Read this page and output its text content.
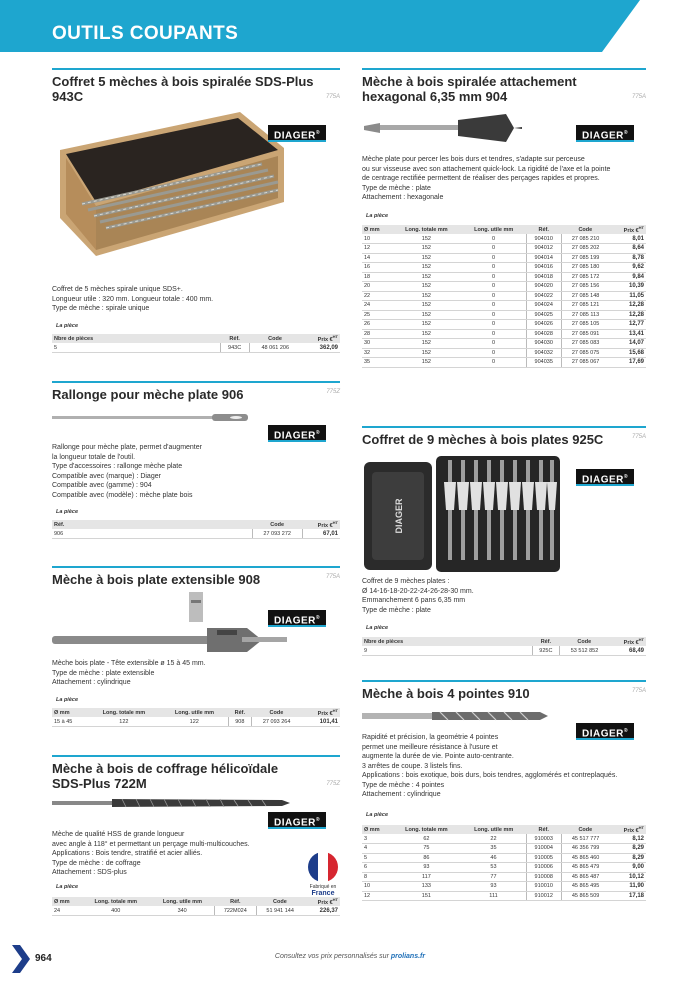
OUTILS COUPANTS
Coffret 5 mèches à bois spiralée SDS-Plus
943C	775A
DIAGER®
Coffret de 5 mèches spirale unique SDS+.
Longueur utile : 320 mm. Longueur totale : 400 mm.
Type de mèche : spirale unique
La pièce
Nbre de pièces	Réf.	Code	Prix €$^{HT}$
5	943C	48 061 206	362,09
Rallonge pour mèche plate 906	775Z
DIAGER®
Rallonge pour mèche plate, permet d'augmenter
la longueur totale de l'outil.
Type d'accessoires : rallonge mèche plate
Compatible avec (marque) : Diager
Compatible avec (gamme) : 904
Compatible avec (modèle) : mèche plate bois
La pièce
Réf.	Code	Prix €$^{HT}$
906	27 093 272	67,01
Mèche à bois plate extensible 908	775A
DIAGER®
Mèche bois plate - Tête extensible ø 15 à 45 mm.
Type de mèche : plate extensible
Attachement : cylindrique
La pièce
Ø mm	Long. totale mm	Long. utile mm	Réf.	Code	Prix €$^{HT}$
15 à 45	122	122	908	27 093 264	101,41
Mèche à bois de coffrage hélicoïdale
SDS-Plus 722M	775Z
DIAGER®
Mèche de qualité HSS de grande longueur
avec angle à 118° et permettant un perçage multi-multicouches.
Applications : Bois tendre, stratifié et acier alliés.
Type de mèche : de coffrage
Attachement : SDS-plus
Fabriqué en
France
La pièce
Ø mm	Long. totale mm	Long. utile mm	Réf.	Code	Prix €$^{HT}$
24	400	340	722M024	51 941 144	226,37
Mèche à bois spiralée attachement
hexagonal 6,35 mm 904	775A
DIAGER®
Mèche plate pour percer les bois durs et tendres, s'adapte sur perceuse
ou sur visseuse avec son attachement quick-lock. La rigidité de l'axe et la pointe
de centrage rectifiée permettent de réaliser des perçages rapides et propres.
Type de mèche : plate
Attachement : hexagonale
La pièce
Ø mm	Long. totale mm	Long. utile mm	Réf.	Code	Prix €$^{HT}$
10	152	0	904010	27 085 210	8,01
12	152	0	904012	27 085 202	8,64
14	152	0	904014	27 085 199	8,78
16	152	0	904016	27 085 180	9,62
18	152	0	904018	27 085 172	9,84
20	152	0	904020	27 085 156	10,39
22	152	0	904022	27 085 148	11,05
24	152	0	904024	27 085 121	12,28
25	152	0	904025	27 085 113	12,28
26	152	0	904026	27 085 105	12,77
28	152	0	904028	27 085 091	13,41
30	152	0	904030	27 085 083	14,07
32	152	0	904032	27 085 075	15,68
35	152	0	904035	27 085 067	17,69
Coffret de 9 mèches à bois plates 925C	775A
DIAGER
DIAGER®
Coffret de 9 mèches plates :
Ø 14-16-18-20-22-24-26-28-30 mm.
Emmanchement 6 pans 6,35 mm
Type de mèche : plate
La pièce
Nbre de pièces	Réf.	Code	Prix €$^{HT}$
9	925C	53 512 852	68,49
Mèche à bois 4 pointes 910	775A
DIAGER®
Rapidité et précision, la geométrie 4 pointes
permet une meilleure résistance à l'usure et
augmente la durée de vie. Pointe auto-centrante.
3 arrêtes de coupe. 3 listels fins.
Applications : bois exotique, bois durs, bois tendres, agglomérés et contreplaqués.
Type de mèche : 4 pointes
Attachement : cylindrique
La pièce
Ø mm	Long. totale mm	Long. utile mm	Réf.	Code	Prix €$^{HT}$
3	62	22	910003	45 517 777	8,12
4	75	35	910004	46 356 799	8,29
5	86	46	910005	45 865 460	8,29
6	93	53	910006	45 865 479	9,00
8	117	77	910008	45 865 487	10,12
10	133	93	910010	45 865 495	11,90
12	151	111	910012	45 865 509	17,18
964	Consultez vos prix personnalisés sur prolians.fr
